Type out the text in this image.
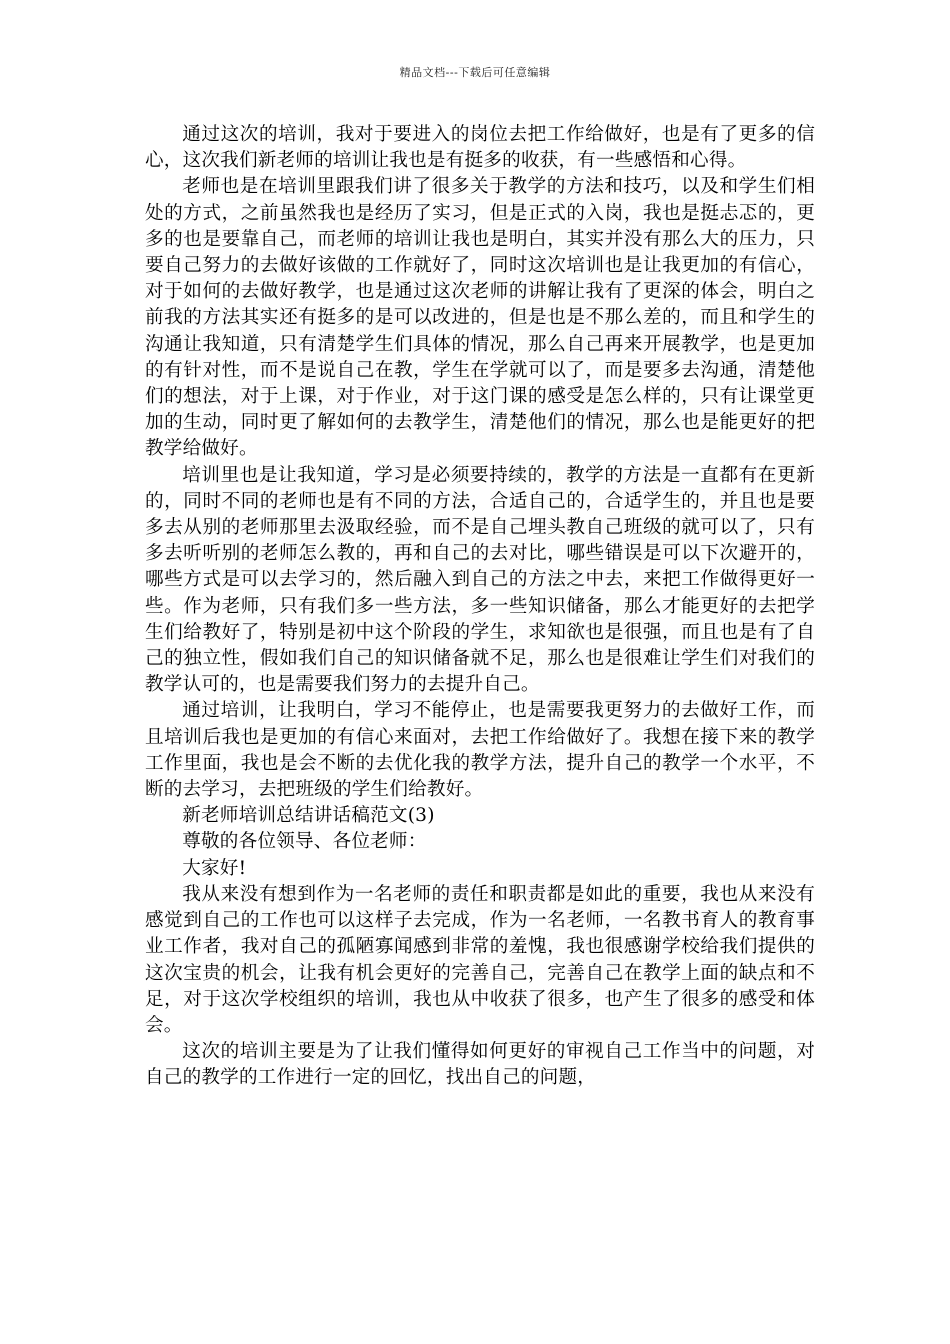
精品文档---下载后可任意编辑

通过这次的培训，我对于要进入的岗位去把工作给做好，也是有了更多的信心，这次我们新老师的培训让我也是有挺多的收获，有一些感悟和心得。

老师也是在培训里跟我们讲了很多关于教学的方法和技巧，以及和学生们相处的方式，之前虽然我也是经历了实习，但是正式的入岗，我也是挺忐忑的，更多的也是要靠自己，而老师的培训让我也是明白，其实并没有那么大的压力，只要自己努力的去做好该做的工作就好了，同时这次培训也是让我更加的有信心，对于如何的去做好教学，也是通过这次老师的讲解让我有了更深的体会，明白之前我的方法其实还有挺多的是可以改进的，但是也是不那么差的，而且和学生的沟通让我知道，只有清楚学生们具体的情况，那么自己再来开展教学，也是更加的有针对性，而不是说自己在教，学生在学就可以了，而是要多去沟通，清楚他们的想法，对于上课，对于作业，对于这门课的感受是怎么样的，只有让课堂更加的生动，同时更了解如何的去教学生，清楚他们的情况，那么也是能更好的把教学给做好。

培训里也是让我知道，学习是必须要持续的，教学的方法是一直都有在更新的，同时不同的老师也是有不同的方法，合适自己的，合适学生的，并且也是要多去从别的老师那里去汲取经验，而不是自己埋头教自己班级的就可以了，只有多去听听别的老师怎么教的，再和自己的去对比，哪些错误是可以下次避开的，哪些方式是可以去学习的，然后融入到自己的方法之中去，来把工作做得更好一些。作为老师，只有我们多一些方法，多一些知识储备，那么才能更好的去把学生们给教好了，特别是初中这个阶段的学生，求知欲也是很强，而且也是有了自己的独立性，假如我们自己的知识储备就不足，那么也是很难让学生们对我们的教学认可的，也是需要我们努力的去提升自己。

通过培训，让我明白，学习不能停止，也是需要我更努力的去做好工作，而且培训后我也是更加的有信心来面对，去把工作给做好了。我想在接下来的教学工作里面，我也是会不断的去优化我的教学方法，提升自己的教学一个水平，不断的去学习，去把班级的学生们给教好。

新老师培训总结讲话稿范文(3)

尊敬的各位领导、各位老师：

大家好!

我从来没有想到作为一名老师的责任和职责都是如此的重要，我也从来没有感觉到自己的工作也可以这样子去完成，作为一名老师，一名教书育人的教育事业工作者，我对自己的孤陋寡闻感到非常的羞愧，我也很感谢学校给我们提供的这次宝贵的机会，让我有机会更好的完善自己，完善自己在教学上面的缺点和不足，对于这次学校组织的培训，我也从中收获了很多，也产生了很多的感受和体会。

这次的培训主要是为了让我们懂得如何更好的审视自己工作当中的问题，对自己的教学的工作进行一定的回忆，找出自己的问题，
